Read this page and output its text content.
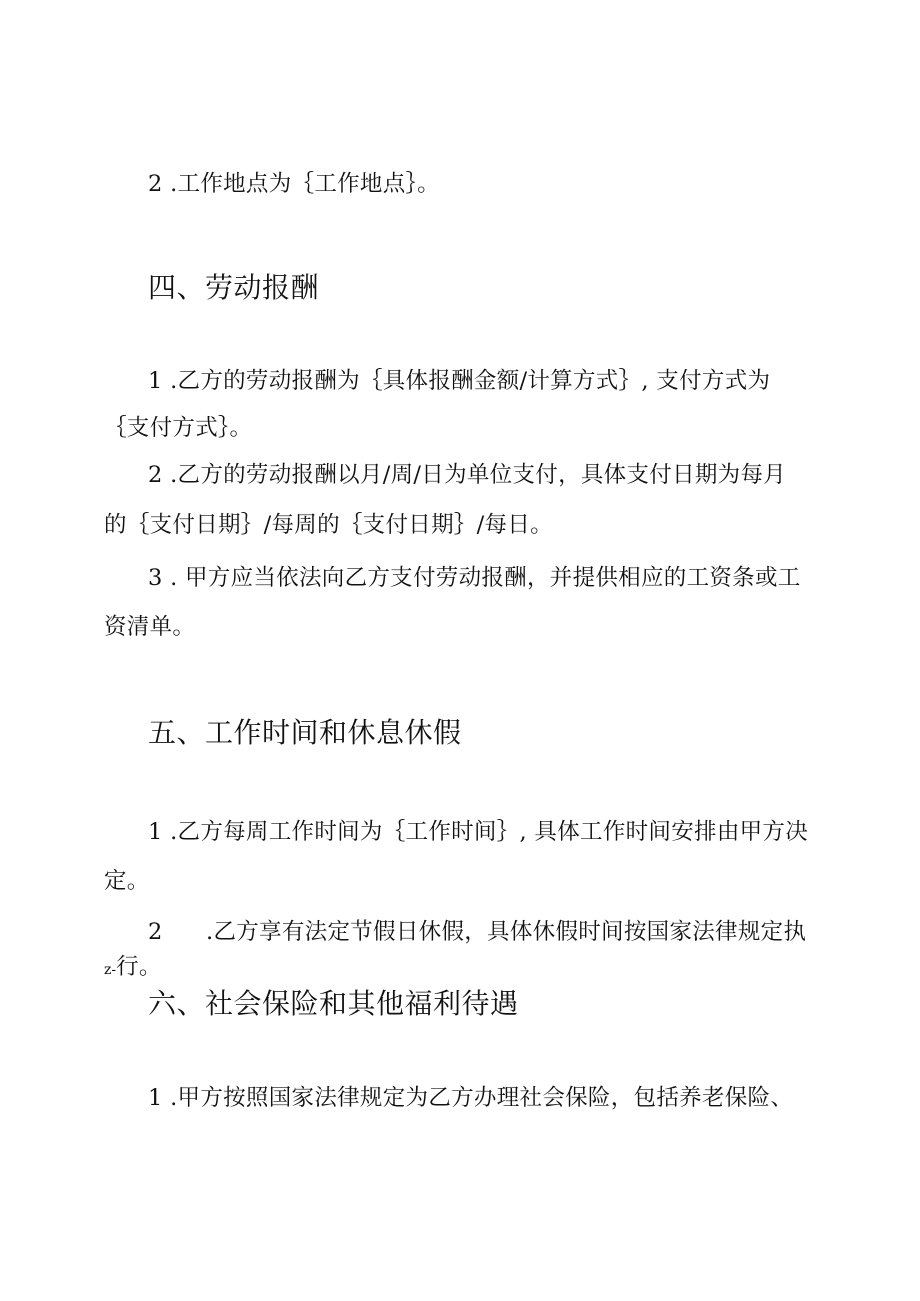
2 .工作地点为｛工作地点｝。
四、劳动报酬
1 .乙方的劳动报酬为｛具体报酬金额/计算方式｝, 支付方式为
｛支付方式｝。
2 .乙方的劳动报酬以月/周/日为单位支付，具体支付日期为每月
的｛支付日期｝/每周的｛支付日期｝/每日。
3 . 甲方应当依法向乙方支付劳动报酬，并提供相应的工资条或工
资清单。
五、工作时间和休息休假
1 .乙方每周工作时间为｛工作时间｝, 具体工作时间安排由甲方决
定。
2 .乙方享有法定节假日休假，具体休假时间按国家法律规定执
z-行。
六、社会保险和其他福利待遇
1 .甲方按照国家法律规定为乙方办理社会保险，包括养老保险、
